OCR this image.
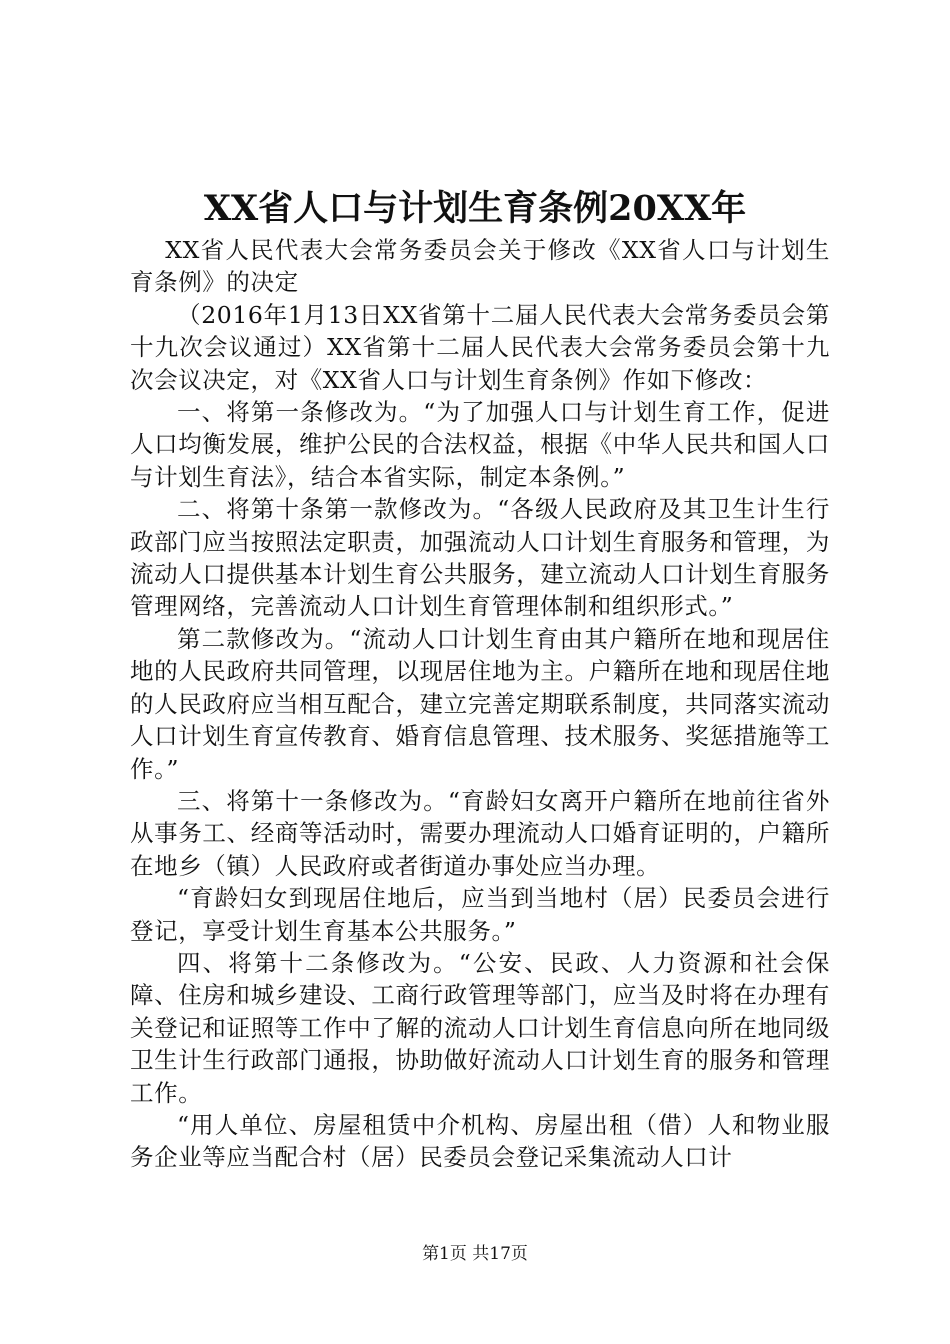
XX省人口与计划生育条例20XX年

XX省人民代表大会常务委员会关于修改《XX省人口与计划生育条例》的决定

（2016年1月13日XX省第十二届人民代表大会常务委员会第十九次会议通过）XX省第十二届人民代表大会常务委员会第十九次会议决定，对《XX省人口与计划生育条例》作如下修改：

一、将第一条修改为。“为了加强人口与计划生育工作，促进人口均衡发展，维护公民的合法权益，根据《中华人民共和国人口与计划生育法》，结合本省实际，制定本条例。”

二、将第十条第一款修改为。“各级人民政府及其卫生计生行政部门应当按照法定职责，加强流动人口计划生育服务和管理，为流动人口提供基本计划生育公共服务，建立流动人口计划生育服务管理网络，完善流动人口计划生育管理体制和组织形式。”

第二款修改为。“流动人口计划生育由其户籍所在地和现居住地的人民政府共同管理，以现居住地为主。户籍所在地和现居住地的人民政府应当相互配合，建立完善定期联系制度，共同落实流动人口计划生育宣传教育、婚育信息管理、技术服务、奖惩措施等工作。”

三、将第十一条修改为。“育龄妇女离开户籍所在地前往省外从事务工、经商等活动时，需要办理流动人口婚育证明的，户籍所在地乡（镇）人民政府或者街道办事处应当办理。

“育龄妇女到现居住地后，应当到当地村（居）民委员会进行登记，享受计划生育基本公共服务。”

四、将第十二条修改为。“公安、民政、人力资源和社会保障、住房和城乡建设、工商行政管理等部门，应当及时将在办理有关登记和证照等工作中了解的流动人口计划生育信息向所在地同级卫生计生行政部门通报，协助做好流动人口计划生育的服务和管理工作。

“用人单位、房屋租赁中介机构、房屋出租（借）人和物业服务企业等应当配合村（居）民委员会登记采集流动人口计

第1页 共17页
